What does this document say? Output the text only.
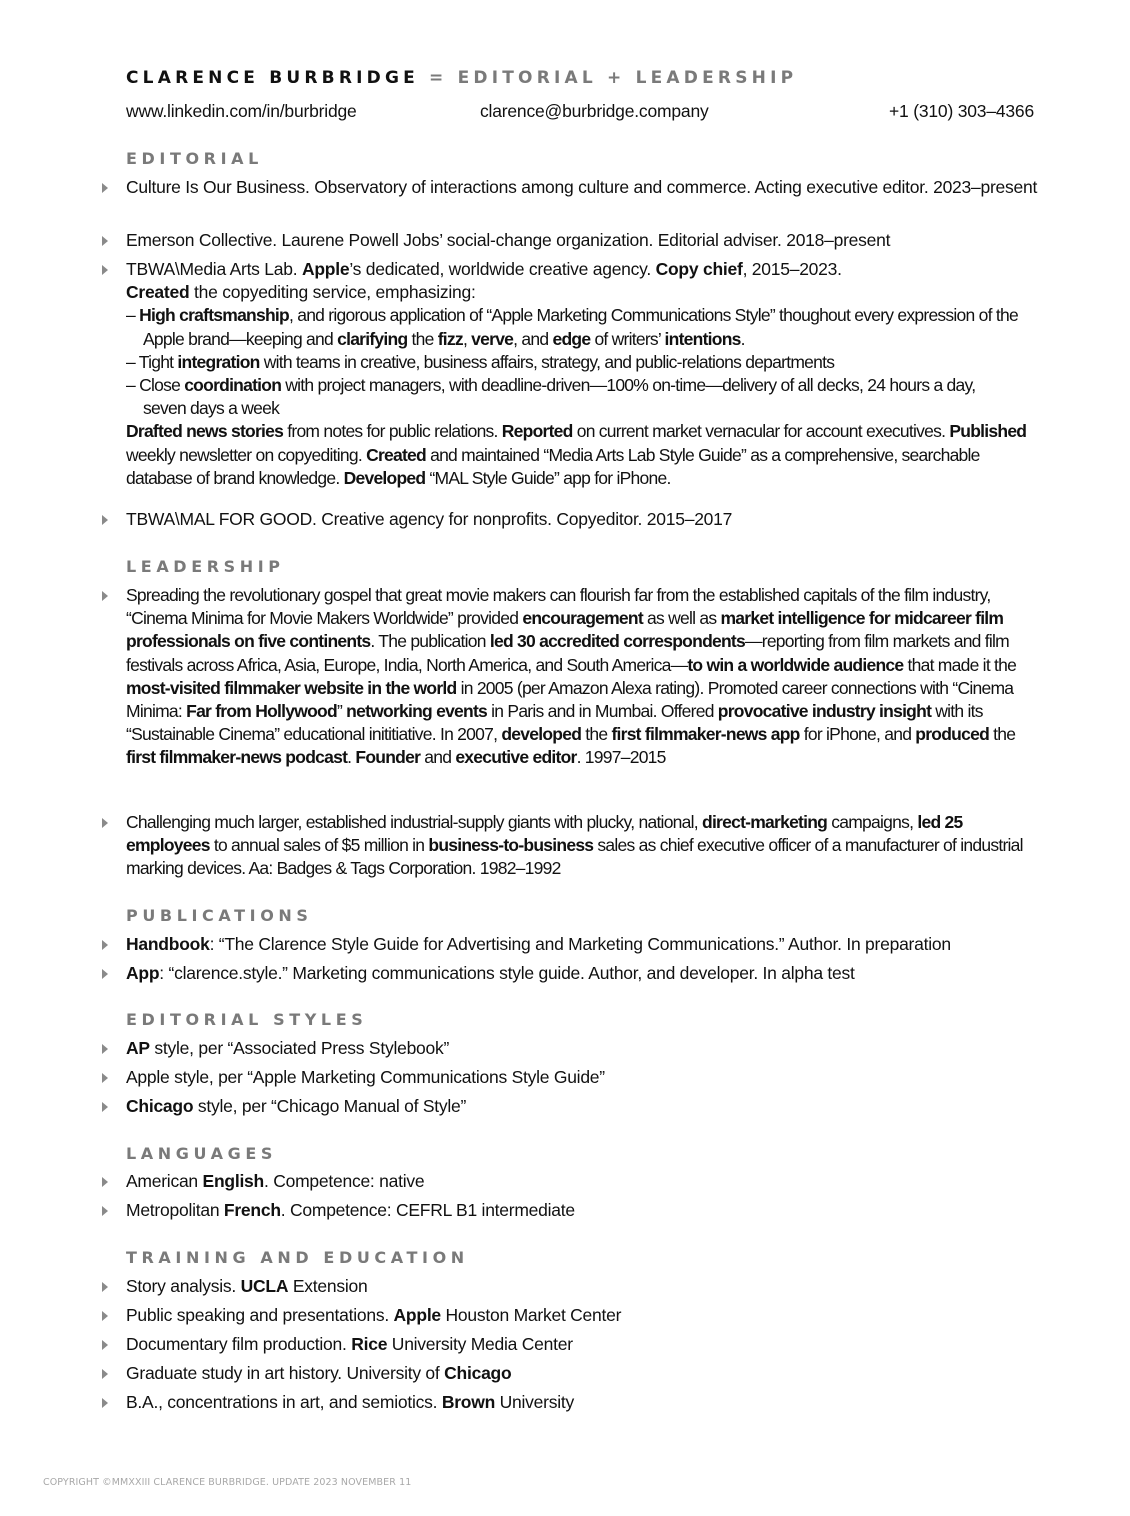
CLARENCE BURBRIDGE = EDITORIAL + LEADERSHIP
www.linkedin.com/in/burbridge	clarence@burbridge.company	+1 (310) 303–4366
EDITORIAL
Culture Is Our Business. Observatory of interactions among culture and commerce. Acting executive editor. 2023–present
Emerson Collective. Laurene Powell Jobs’ social-change organization. Editorial adviser. 2018–present
TBWA\Media Arts Lab. Apple’s dedicated, worldwide creative agency. Copy chief, 2015–2023.
Created the copyediting service, emphasizing:
– High craftsmanship, and rigorous application of “Apple Marketing Communications Style” thoughout every expression of the Apple brand—keeping and clarifying the fizz, verve, and edge of writers’ intentions.
– Tight integration with teams in creative, business affairs, strategy, and public-relations departments
– Close coordination with project managers, with deadline-driven—100% on-time—delivery of all decks, 24 hours a day, seven days a week
Drafted news stories from notes for public relations. Reported on current market vernacular for account executives. Published weekly newsletter on copyediting. Created and maintained “Media Arts Lab Style Guide” as a comprehensive, searchable database of brand knowledge. Developed “MAL Style Guide” app for iPhone.
TBWA\MAL FOR GOOD. Creative agency for nonprofits. Copyeditor. 2015–2017
LEADERSHIP
Spreading the revolutionary gospel that great movie makers can flourish far from the established capitals of the film industry, “Cinema Minima for Movie Makers Worldwide” provided encouragement as well as market intelligence for midcareer film professionals on five continents. The publication led 30 accredited correspondents—reporting from film markets and film festivals across Africa, Asia, Europe, India, North America, and South America—to win a worldwide audience that made it the most-visited filmmaker website in the world in 2005 (per Amazon Alexa rating). Promoted career connections with “Cinema Minima: Far from Hollywood” networking events in Paris and in Mumbai. Offered provocative industry insight with its “Sustainable Cinema” educational inititiative. In 2007, developed the first filmmaker-news app for iPhone, and produced the first filmmaker-news podcast. Founder and executive editor. 1997–2015
Challenging much larger, established industrial-supply giants with plucky, national, direct-marketing campaigns, led 25 employees to annual sales of $5 million in business-to-business sales as chief executive officer of a manufacturer of industrial marking devices. Aa: Badges & Tags Corporation. 1982–1992
PUBLICATIONS
Handbook: “The Clarence Style Guide for Advertising and Marketing Communications.” Author. In preparation
App: “clarence.style.” Marketing communications style guide. Author, and developer. In alpha test
EDITORIAL STYLES
AP style, per “Associated Press Stylebook”
Apple style, per “Apple Marketing Communications Style Guide”
Chicago style, per “Chicago Manual of Style”
LANGUAGES
American English. Competence: native
Metropolitan French. Competence: CEFRL B1 intermediate
TRAINING AND EDUCATION
Story analysis. UCLA Extension
Public speaking and presentations. Apple Houston Market Center
Documentary film production. Rice University Media Center
Graduate study in art history. University of Chicago
B.A., concentrations in art, and semiotics. Brown University
COPYRIGHT ©MMXXIII CLARENCE BURBRIDGE. UPDATE 2023 NOVEMBER 11
